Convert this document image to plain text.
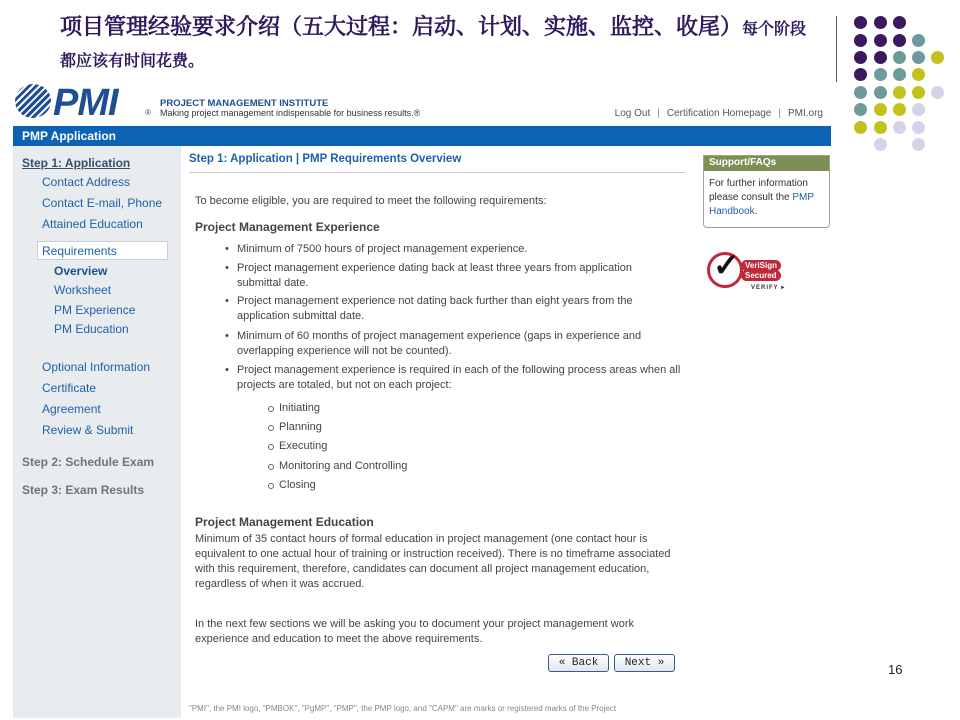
项目管理经验要求介绍（五大过程：启动、计划、实施、监控、收尾）每个阶段都应该有时间花费。
PMI	®
PROJECT MANAGEMENT INSTITUTE
Making project management indispensable for business results.®	Log Out | Certification Homepage | PMI.org
PMP Application
Step 1: Application
Contact Address
Contact E-mail, Phone
Attained Education
Requirements
Overview
Worksheet
PM Experience
PM Education
Optional Information
Certificate
Agreement
Review & Submit
Step 2: Schedule Exam
Step 3: Exam Results
Step 1: Application | PMP Requirements Overview
To become eligible, you are required to meet the following requirements:
Project Management Experience
• Minimum of 7500 hours of project management experience.
• Project management experience dating back at least three years from application submittal date.
• Project management experience not dating back further than eight years from the application submittal date.
• Minimum of 60 months of project management experience (gaps in experience and overlapping experience will not be counted).
• Project management experience is required in each of the following process areas when all projects are totaled, but not on each project:
Initiating
Planning
Executing
Monitoring and Controlling
Closing
Project Management Education
Minimum of 35 contact hours of formal education in project management (one contact hour is equivalent to one actual hour of training or instruction received). There is no timeframe associated with this requirement, therefore, candidates can document all project management education, regardless of when it was accrued.
In the next few sections we will be asking you to document your project management work experience and education to meet the above requirements.
« Back	Next »
"PMI", the PMI logo, "PMBOK", "PgMP", "PMP", the PMP logo, and "CAPM" are marks or registered marks of the Project
Support/FAQs
For further information please consult the PMP Handbook.
✓ VeriSign
Secured
VERIFY ▸
16
